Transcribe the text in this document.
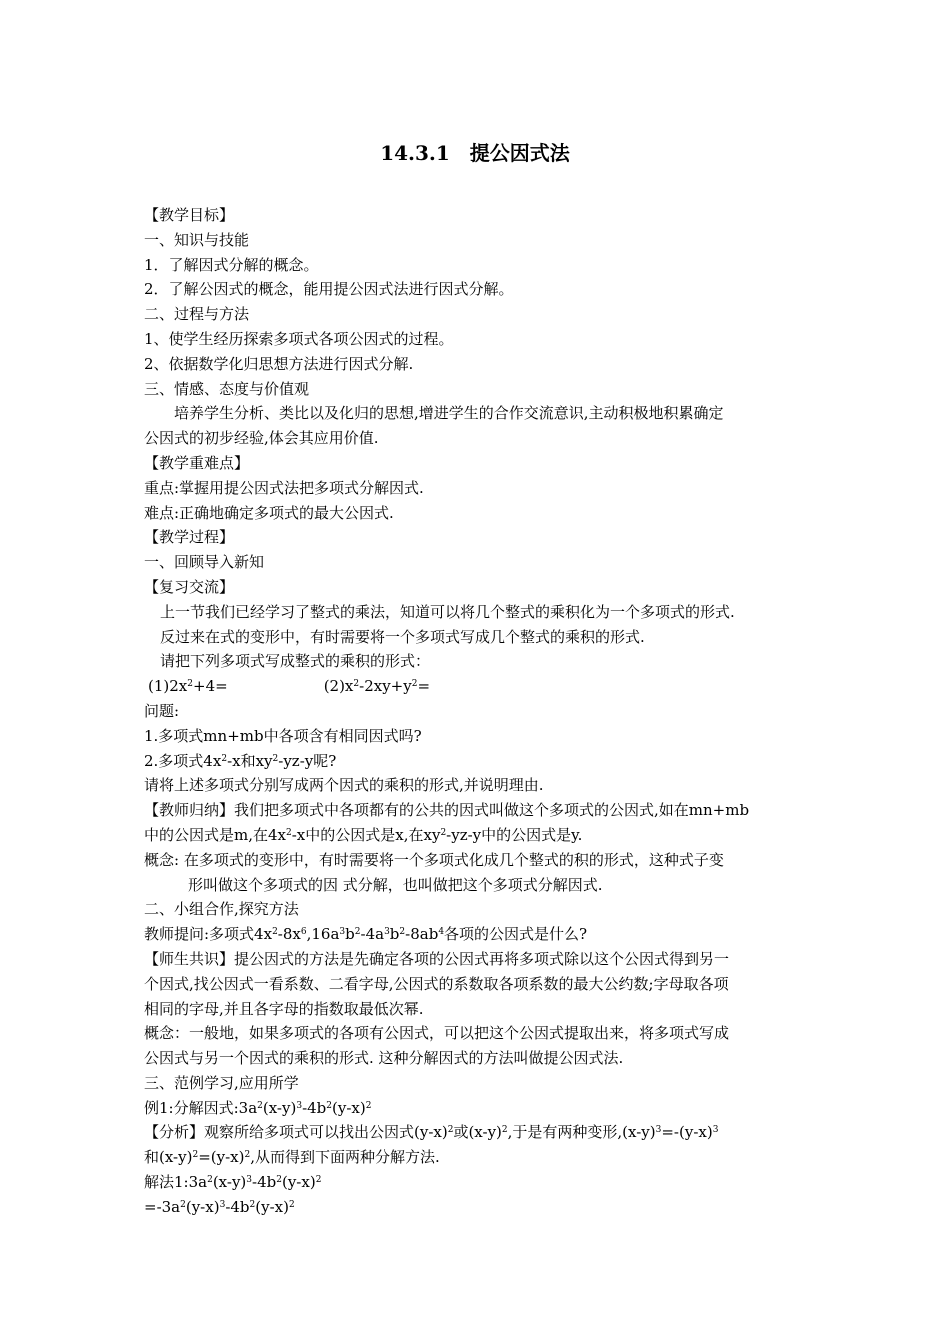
14.3.1　提公因式法
【教学目标】
一、知识与技能
1．了解因式分解的概念。
2．了解公因式的概念，能用提公因式法进行因式分解。
二、过程与方法
1、使学生经历探索多项式各项公因式的过程。
2、依据数学化归思想方法进行因式分解.
三、情感、态度与价值观
培养学生分析、类比以及化归的思想,增进学生的合作交流意识,主动积极地积累确定
公因式的初步经验,体会其应用价值.
【教学重难点】
重点:掌握用提公因式法把多项式分解因式.
难点:正确地确定多项式的最大公因式.
【教学过程】
一、回顾导入新知
【复习交流】
上一节我们已经学习了整式的乘法，知道可以将几个整式的乘积化为一个多项式的形式.
反过来在式的变形中，有时需要将一个多项式写成几个整式的乘积的形式.
请把下列多项式写成整式的乘积的形式：
$(1)2x^2+4=$	$(2)x^2-2xy+y^2=$
问题:
1.多项式mn+mb中各项含有相同因式吗?
2.多项式$4x^2-x$和$xy^2-yz-y$呢?
请将上述多项式分别写成两个因式的乘积的形式,并说明理由.
【教师归纳】我们把多项式中各项都有的公共的因式叫做这个多项式的公因式,如在mn+mb
中的公因式是m,在$4x^2-x$中的公因式是x,在$xy^2-yz-y$中的公因式是y.
概念: 在多项式的变形中，有时需要将一个多项式化成几个整式的积的形式，这种式子变
形叫做这个多项式的因 式分解，也叫做把这个多项式分解因式.
二、小组合作,探究方法
教师提问:多项式$4x^2-8x^6,16a^3b^2-4a^3b^2-8ab^4$各项的公因式是什么?
【师生共识】提公因式的方法是先确定各项的公因式再将多项式除以这个公因式得到另一
个因式,找公因式一看系数、二看字母,公因式的系数取各项系数的最大公约数;字母取各项
相同的字母,并且各字母的指数取最低次幂.
概念：一般地，如果多项式的各项有公因式，可以把这个公因式提取出来，将多项式写成
公因式与另一个因式的乘积的形式. 这种分解因式的方法叫做提公因式法.
三、范例学习,应用所学
例1:分解因式$:3a^2(x-y)^3-4b^2(y-x)^2$
【分析】观察所给多项式可以找出公因式$(y-x)^2$或$(x-y)^2$,于是有两种变形$,(x-y)^3=-(y-x)^3$
和$(x-y)^2=(y-x)^2$,从而得到下面两种分解方法.
解法$1:3a^2(x-y)^3-4b^2(y-x)^2$
$=-3a^2(y-x)^3-4b^2(y-x)^2$
